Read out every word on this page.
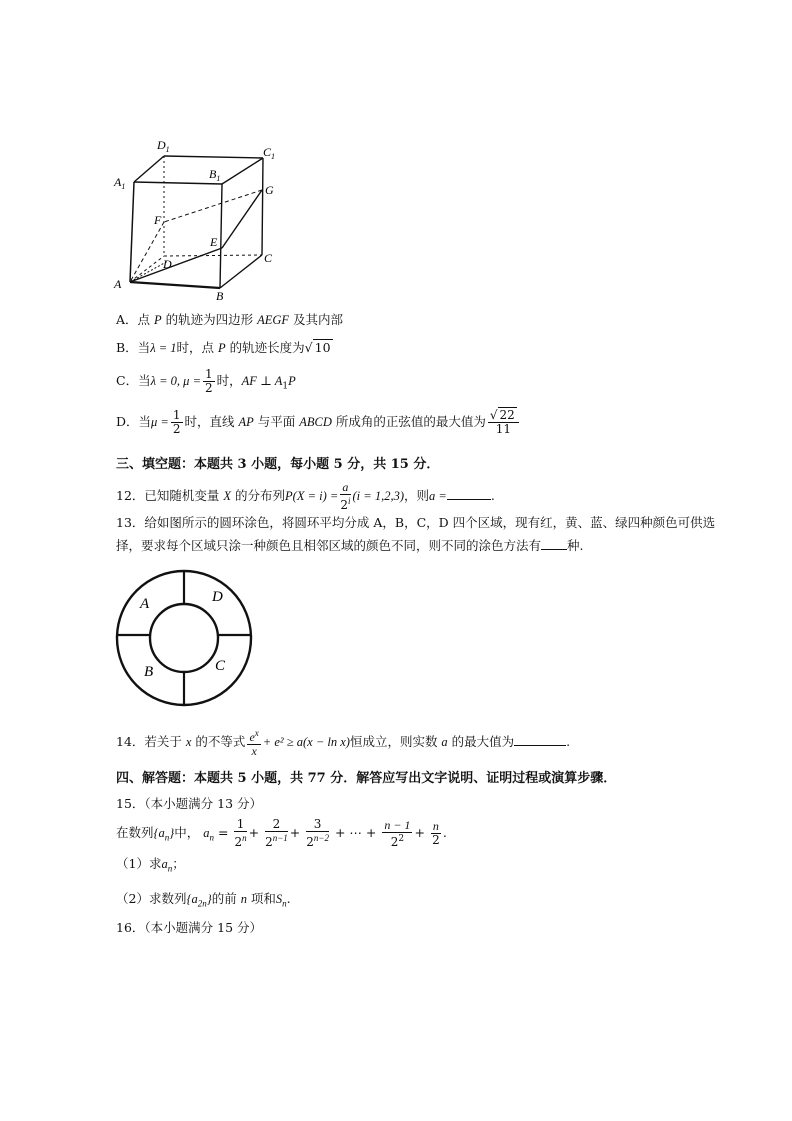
$A_1$
$D_1$	$C_1$
$B_1$
G
F
E
D	C
A
B
A．点 P 的轨迹为四边形 AEGF 及其内部
B．当λ = 1时，点 P 的轨迹长度为√ 10
C．当λ = 0, $\mu = \frac{1}{2}$ 时，AF ⊥ $A_1P$
D．当$\mu = \frac{1}{2}$ 时，直线 AP 与平面 ABCD 所成角的正弦值的最大值为 $\frac{√ 22}{11}$
三、填空题：本题共 3 小题，每小题 5 分，共 15 分．
12．已知随机变量 X 的分布列$P(X = i) = \frac{a}{2^i} (i = 1,2,3)$，则a =	.
13．给如图所示的圆环涂色，将圆环平均分成 A，B，C，D 四个区域，现有红，黄、蓝、绿四种颜色可供选
择，要求每个区域只涂一种颜色且相邻区域的颜色不同，则不同的涂色方法有 种.
A	D
B	C
14．若关于 x 的不等式 $\frac{e^x}{x} + e^2 \ge a(x - \ln x)$恒成立，则实数 a 的最大值为	.
四、解答题：本题共 5 小题，共 77 分．解答应写出文字说明、证明过程或演算步骤．
15．（本小题满分 13 分）
在数列$\{a_n\}$中， $a_n = \frac{1}{2^n} + \frac{2}{2^{n-1}} + \frac{3}{2^{n-2}}$ + ⋯ + $\frac{n - 1}{2^2} + \frac{n}{2}$ .
（1）求$a_n$；
（2）求数列$\{a_{2n}\}$的前 n 项和$S_n$.
16．（本小题满分 15 分）
